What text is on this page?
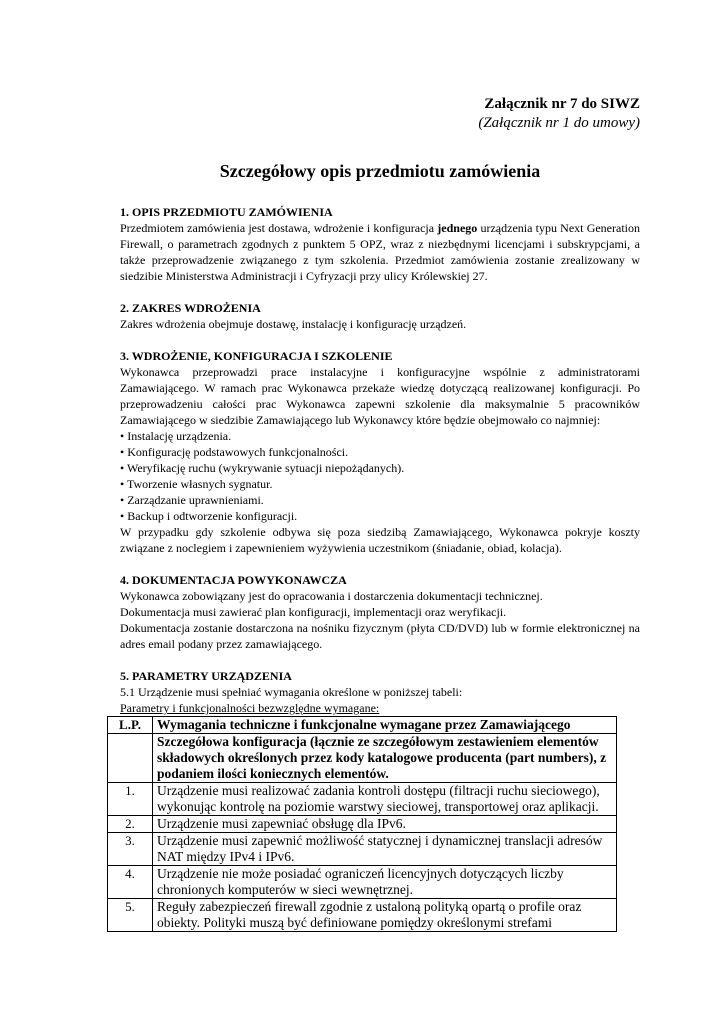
Załącznik nr 7 do SIWZ
(Załącznik nr 1 do umowy)
Szczegółowy opis przedmiotu zamówienia
1. OPIS PRZEDMIOTU ZAMÓWIENIA
Przedmiotem zamówienia jest dostawa, wdrożenie i konfiguracja jednego urządzenia typu Next Generation Firewall, o parametrach zgodnych z punktem 5 OPZ, wraz z niezbędnymi licencjami i subskrypcjami, a także przeprowadzenie związanego z tym szkolenia. Przedmiot zamówienia zostanie zrealizowany w siedzibie Ministerstwa Administracji i Cyfryzacji przy ulicy Królewskiej 27.
2. ZAKRES WDROŻENIA
Zakres wdrożenia obejmuje dostawę, instalację i konfigurację urządzeń.
3. WDROŻENIE, KONFIGURACJA I SZKOLENIE
Wykonawca przeprowadzi prace instalacyjne i konfiguracyjne wspólnie z administratorami Zamawiającego. W ramach prac Wykonawca przekaże wiedzę dotyczącą realizowanej konfiguracji. Po przeprowadzeniu całości prac Wykonawca zapewni szkolenie dla maksymalnie 5 pracowników Zamawiającego w siedzibie Zamawiającego lub Wykonawcy które będzie obejmowało co najmniej:
• Instalację urządzenia.
• Konfigurację podstawowych funkcjonalności.
• Weryfikację ruchu (wykrywanie sytuacji niepożądanych).
• Tworzenie własnych sygnatur.
• Zarządzanie uprawnieniami.
• Backup i odtworzenie konfiguracji.
W przypadku gdy szkolenie odbywa się poza siedzibą Zamawiającego, Wykonawca pokryje koszty związane z noclegiem i zapewnieniem wyżywienia uczestnikom (śniadanie, obiad, kolacja).
4. DOKUMENTACJA POWYKONAWCZA
Wykonawca zobowiązany jest do opracowania i dostarczenia dokumentacji technicznej.
Dokumentacja musi zawierać plan konfiguracji, implementacji oraz weryfikacji.
Dokumentacja zostanie dostarczona na nośniku fizycznym (płyta CD/DVD) lub w formie elektronicznej na adres email podany przez zamawiającego.
5. PARAMETRY URZĄDZENIA
5.1 Urządzenie musi spełniać wymagania określone w poniższej tabeli:
Parametry i funkcjonalności bezwzględne wymagane:
L.P.	Wymagania techniczne i funkcjonalne wymagane przez Zamawiającego
	Szczegółowa konfiguracja (łącznie ze szczegółowym zestawieniem elementów składowych określonych przez kody katalogowe producenta (part numbers), z podaniem ilości koniecznych elementów.
1.	Urządzenie musi realizować zadania kontroli dostępu (filtracji ruchu sieciowego), wykonując kontrolę na poziomie warstwy sieciowej, transportowej oraz aplikacji.
2.	Urządzenie musi zapewniać obsługę dla IPv6.
3.	Urządzenie musi zapewnić możliwość statycznej i dynamicznej translacji adresów NAT między IPv4 i IPv6.
4.	Urządzenie nie może posiadać ograniczeń licencyjnych dotyczących liczby chronionych komputerów w sieci wewnętrznej.
5.	Reguły zabezpieczeń firewall zgodnie z ustaloną polityką opartą o profile oraz obiekty. Polityki muszą być definiowane pomiędzy określonymi strefami
